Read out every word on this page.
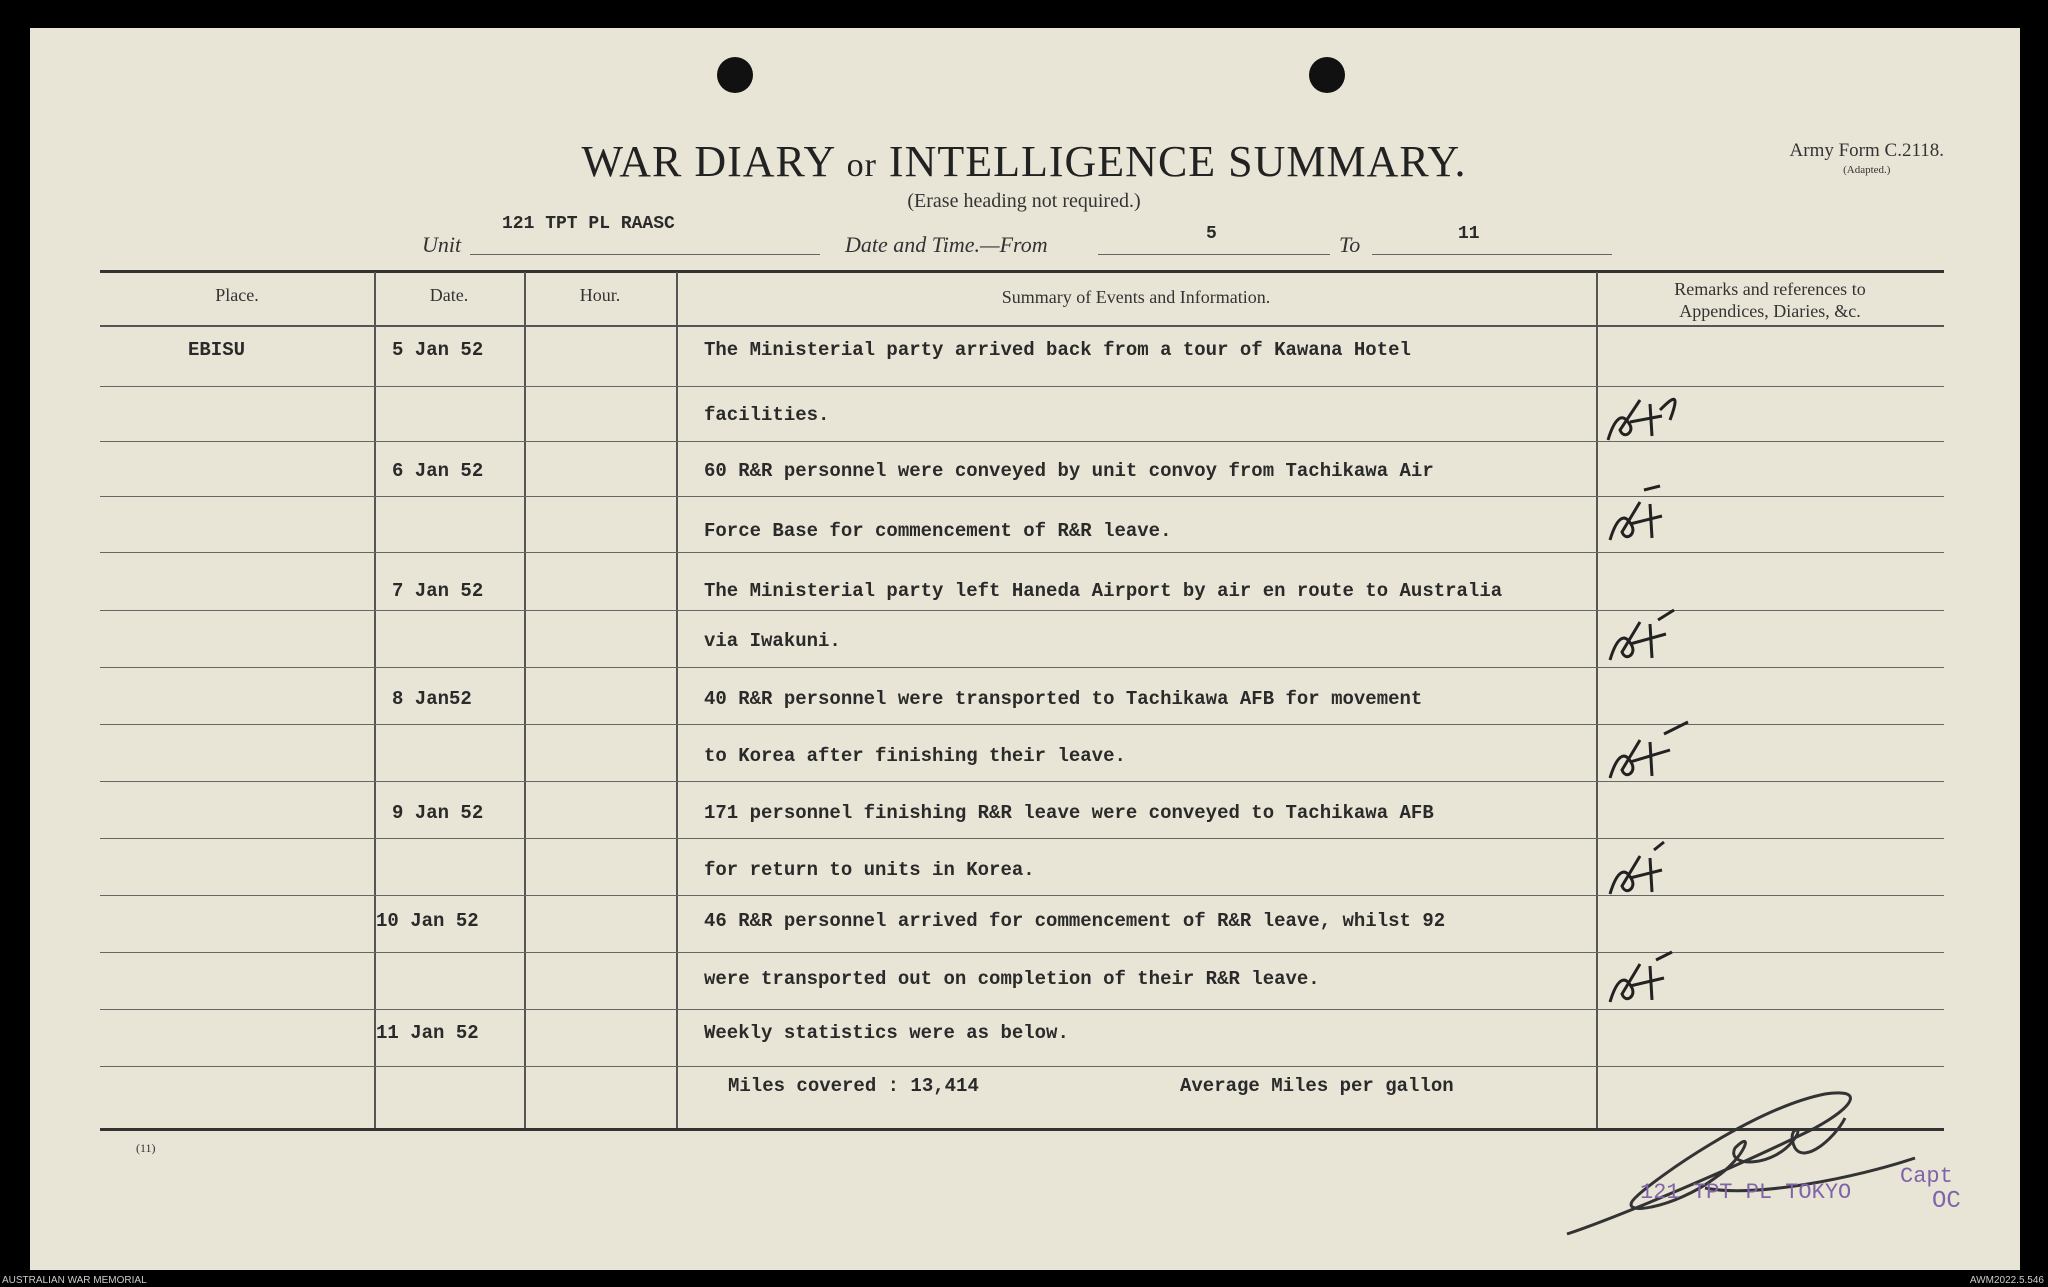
WAR DIARY or INTELLIGENCE SUMMARY.
(Erase heading not required.)
Army Form C.2118.
(Adapted.)
Unit
121 TPT PL RAASC
Date and Time.—From	5	To	11
Place.	Date.	Hour.	Summary of Events and Information.	Remarks and references to
Appendices, Diaries, &c.
EBISU	5 Jan 52	The Ministerial party arrived back from a tour of Kawana Hotel
facilities.
6 Jan 52	60 R&R personnel were conveyed by unit convoy from Tachikawa Air
Force Base for commencement of R&R leave.
7 Jan 52	The Ministerial party left Haneda Airport by air en route to Australia
via Iwakuni.
8 Jan52	40 R&R personnel were transported to Tachikawa AFB for movement
to Korea after finishing their leave.
9 Jan 52	171 personnel finishing R&R leave were conveyed to Tachikawa AFB
for return to units in Korea.
10 Jan 52	46 R&R personnel arrived for commencement of R&R leave, whilst 92
were transported out on completion of their R&R leave.
11 Jan 52	Weekly statistics were as below.
Miles covered : 13,414	Average Miles per gallon
(11)
121 TPT PL TOKYO
Capt
OC
AUSTRALIAN WAR MEMORIAL	AWM2022.5.546
